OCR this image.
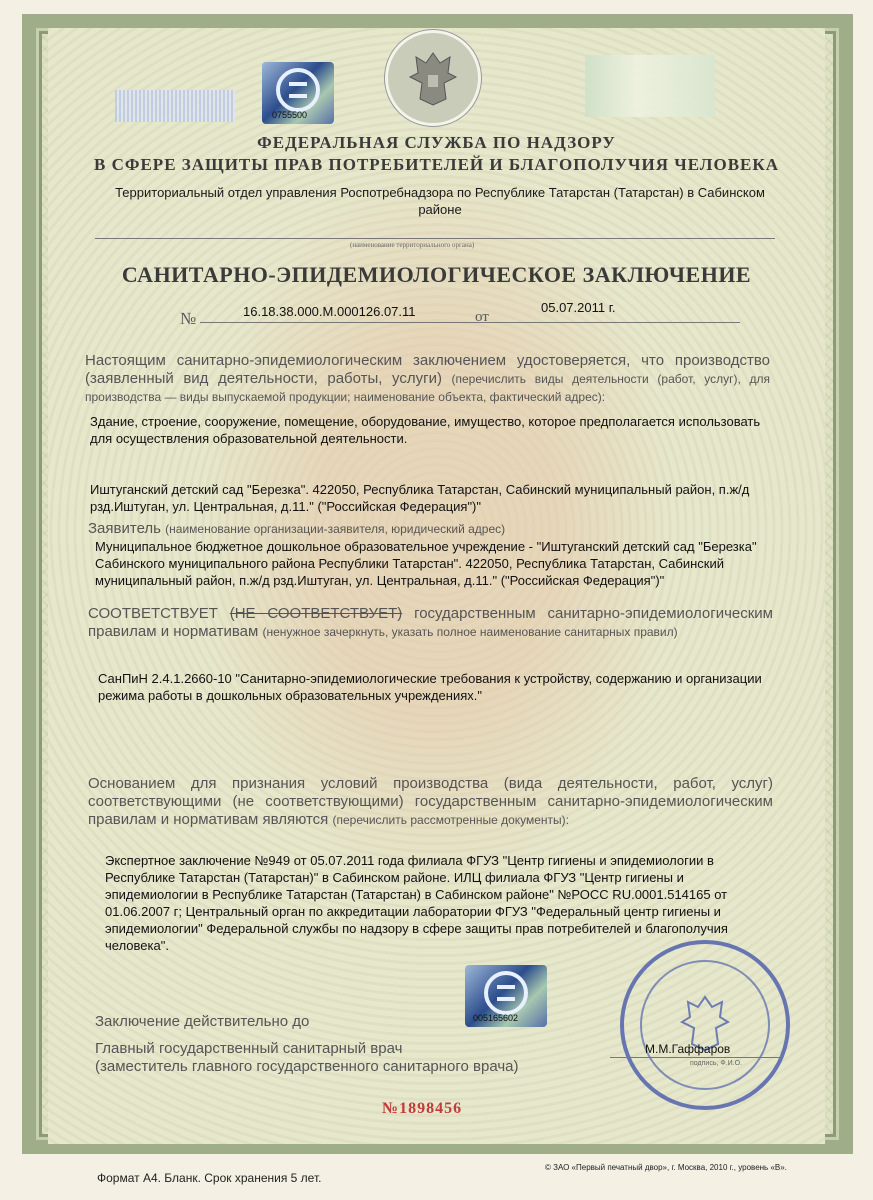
0755500
ФЕДЕРАЛЬНАЯ СЛУЖБА ПО НАДЗОРУ
В СФЕРЕ ЗАЩИТЫ ПРАВ ПОТРЕБИТЕЛЕЙ И БЛАГОПОЛУЧИЯ ЧЕЛОВЕКА
Территориальный отдел управления Роспотребнадзора по Республике Татарстан (Татарстан) в Сабинском районе
(наименование территориального органа)
САНИТАРНО-ЭПИДЕМИОЛОГИЧЕСКОЕ ЗАКЛЮЧЕНИЕ
№	16.18.38.000.М.000126.07.11	от
05.07.2011 г.
Настоящим санитарно-эпидемиологическим заключением удостоверяется, что производство (заявленный вид деятельности, работы, услуги) (перечислить виды деятельности (работ, услуг), для производства — виды выпускаемой продукции; наименование объекта, фактический адрес):
Здание, строение, сооружение, помещение, оборудование, имущество, которое предполагается использовать для осуществления образовательной деятельности.
Иштуганский детский сад "Березка". 422050, Республика Татарстан, Сабинский муниципальный район, п.ж/д рзд.Иштуган, ул. Центральная, д.11." ("Российская Федерация")"
Заявитель (наименование организации-заявителя, юридический адрес)
Муниципальное бюджетное дошкольное образовательное учреждение - "Иштуганский детский сад "Березка" Сабинского муниципального района Республики Татарстан". 422050, Республика Татарстан, Сабинский муниципальный район, п.ж/д рзд.Иштуган, ул. Центральная, д.11." ("Российская Федерация")"
СООТВЕТСТВУЕТ (НЕ СООТВЕТСТВУЕТ) государственным санитарно-эпидемиологическим правилам и нормативам (ненужное зачеркнуть, указать полное наименование санитарных правил)
СанПиН 2.4.1.2660-10 "Санитарно-эпидемиологические требования к устройству, содержанию и организации режима работы в дошкольных образовательных учреждениях."
Основанием для признания условий производства (вида деятельности, работ, услуг) соответствующими (не соответствующими) государственным санитарно-эпидемиологическим правилам и нормативам являются (перечислить рассмотренные документы):
Экспертное заключение №949 от 05.07.2011 года филиала ФГУЗ "Центр гигиены и эпидемиологии в Республике Татарстан (Татарстан)" в Сабинском районе. ИЛЦ филиала ФГУЗ "Центр гигиены и эпидемиологии в Республике Татарстан (Татарстан) в Сабинском районе" №РОСС RU.0001.514165 от 01.06.2007 г; Центральный орган по аккредитации лаборатории ФГУЗ "Федеральный центр гигиены и эпидемиологии" Федеральной службы по надзору в сфере защиты прав потребителей и благополучия человека".
005165602
Заключение действительно до
Главный государственный санитарный врач
(заместитель главного государственного санитарного врача)
М.М.Гаффаров
подпись, Ф.И.О.
№1898456
Формат А4. Бланк. Срок хранения 5 лет.
© ЗАО «Первый печатный двор», г. Москва, 2010 г., уровень «В».
